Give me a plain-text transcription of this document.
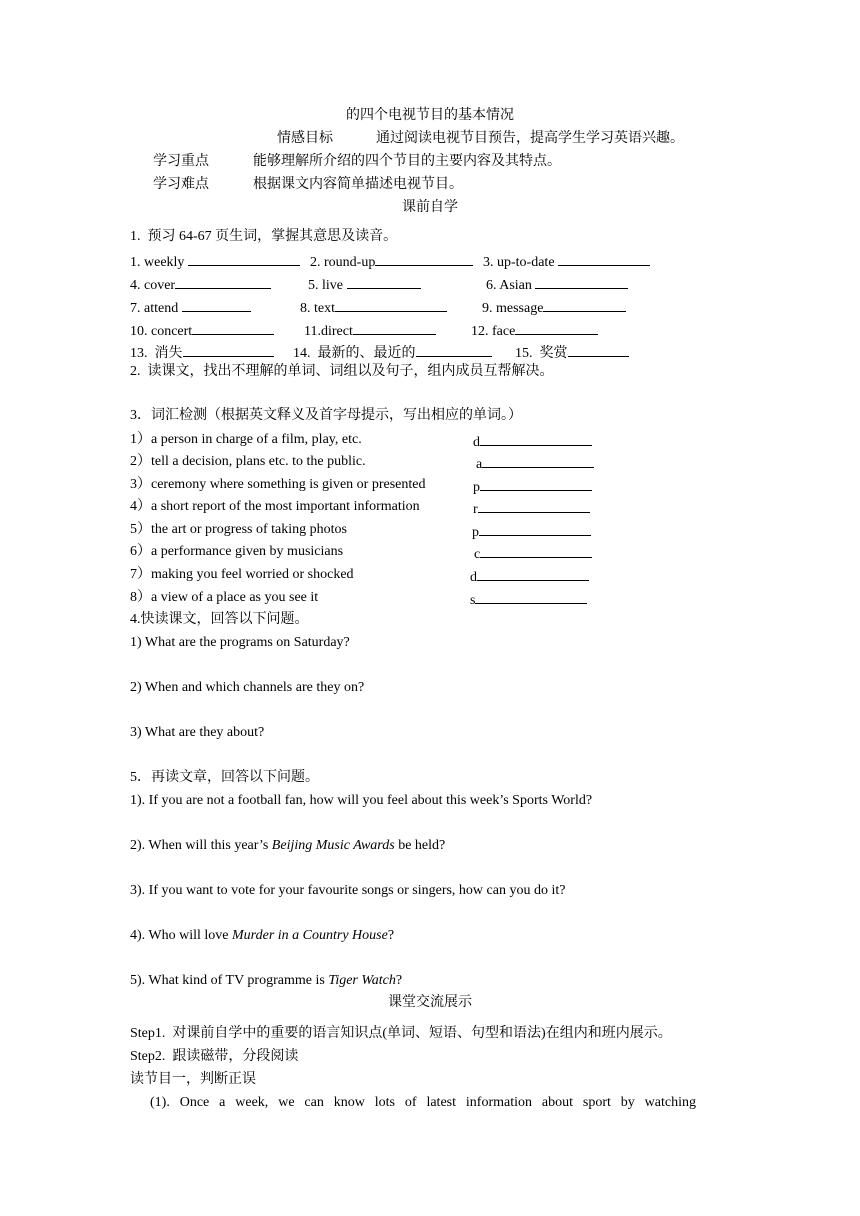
的四个电视节目的基本情况
情感目标	通过阅读电视节目预告，提高学生学习英语兴趣。
学习重点	能够理解所介绍的四个节目的主要内容及其特点。
学习难点	根据课文内容简单描述电视节目。
课前自学
1.  预习 64-67 页生词，掌握其意思及读音。
1. weekly	2. round-up	3. up-to-date
4. cover	5. live	6. Asian
7. attend	8. text	9. message
10. concert	11.direct	12. face
13.  消失	14.  最新的、最近的	15.  奖赏
2.  读课文，找出不理解的单词、词组以及句子，组内成员互帮解决。
3．词汇检测（根据英文释义及首字母提示，写出相应的单词。）
1）a person in charge of a film, play, etc.	d
2）tell a decision, plans etc. to the public.	a
3）ceremony where something is given or presented	p
4）a short report of the most important information	r
5）the art or progress of taking photos	p
6）a performance given by musicians	c
7）making you feel worried or shocked	d
8）a view of a place as you see it	s
4.快读课文，回答以下问题。
1) What are the programs on Saturday?
2) When and which channels are they on?
3) What are they about?
5．再读文章，回答以下问题。
1). If you are not a football fan, how will you feel about this week’s Sports World?
2). When will this year’s Beijing Music Awards be held?
3). If you want to vote for your favourite songs or singers, how can you do it?
4). Who will love Murder in a Country House?
5). What kind of TV programme is Tiger Watch?
课堂交流展示
Step1.  对课前自学中的重要的语言知识点(单词、短语、句型和语法)在组内和班内展示。
Step2.  跟读磁带，分段阅读
读节目一，判断正误
(1). Once a week, we can know lots of latest information about sport by watching
